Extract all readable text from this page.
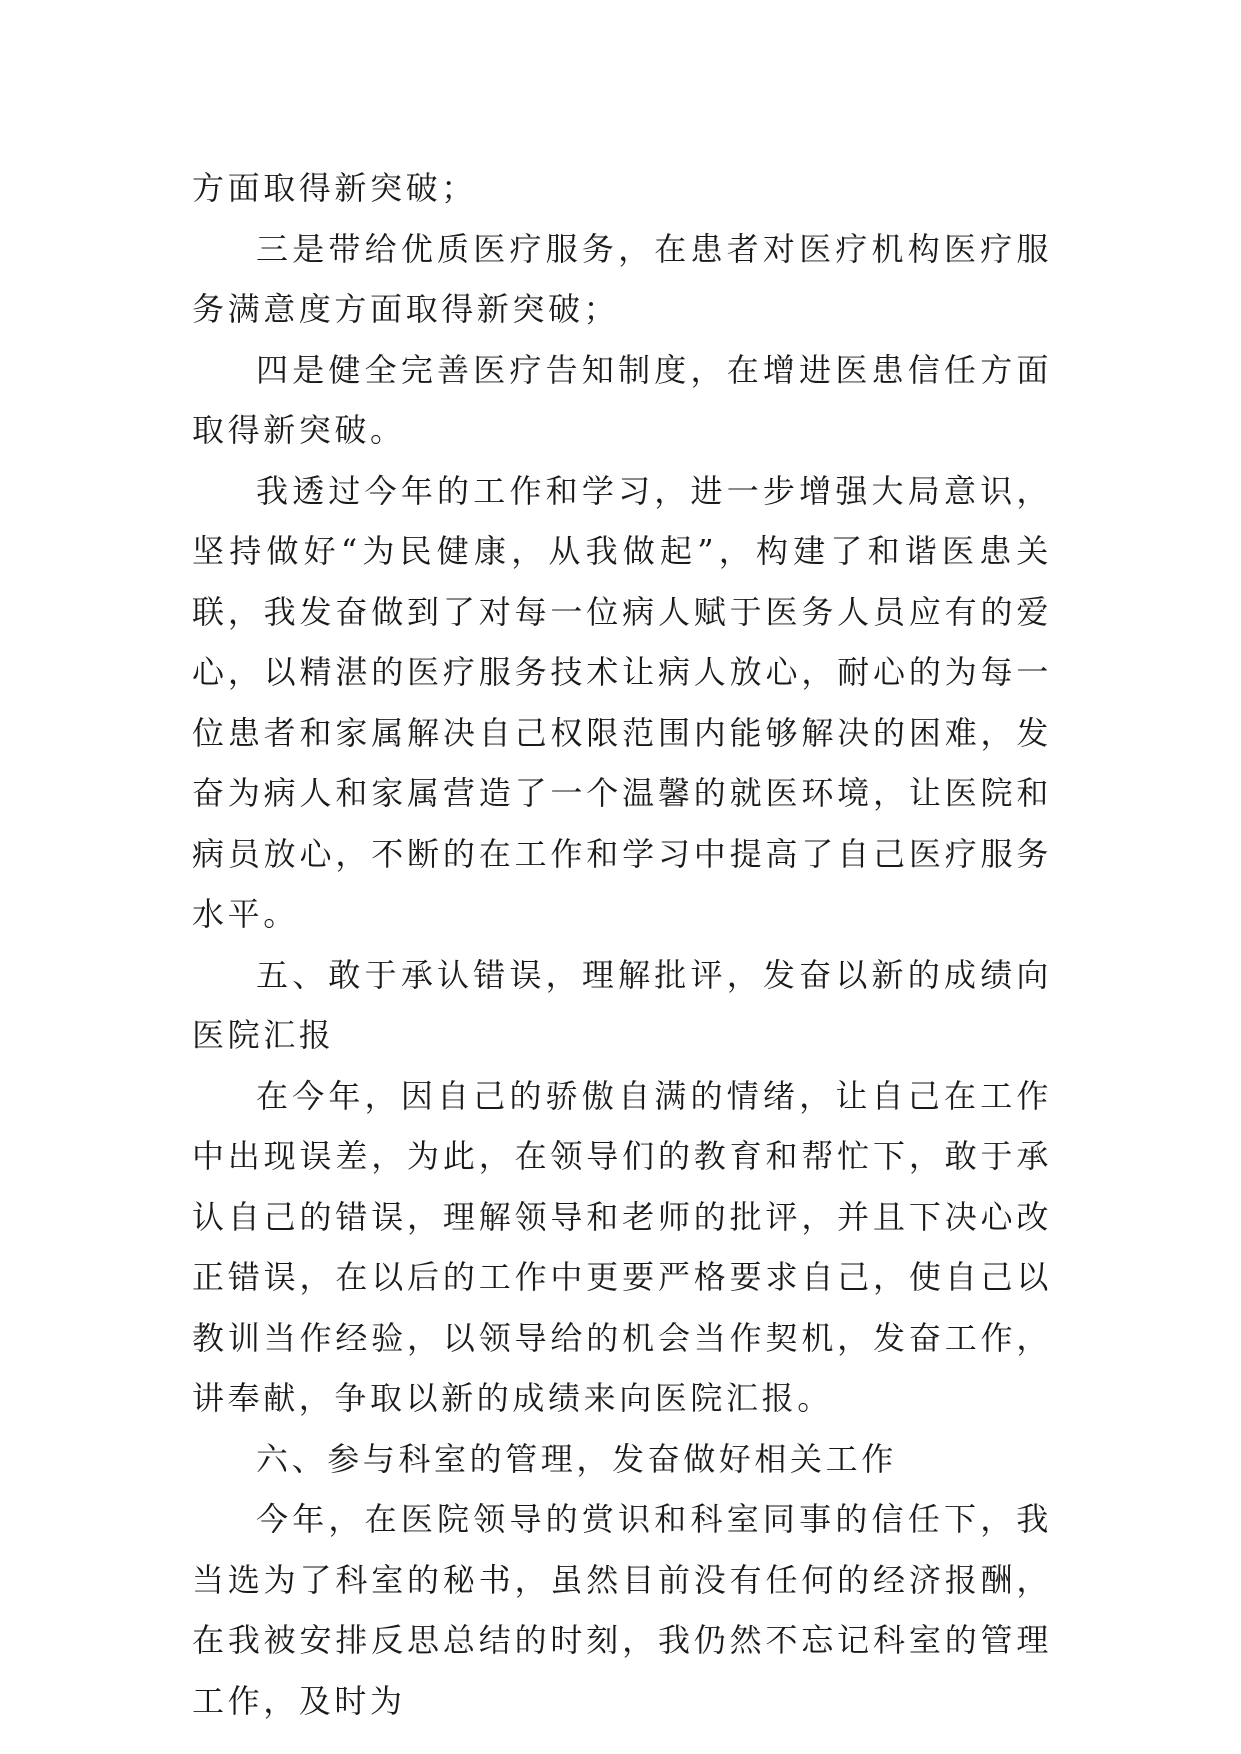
方面取得新突破；

三是带给优质医疗服务，在患者对医疗机构医疗服务满意度方面取得新突破；

四是健全完善医疗告知制度，在增进医患信任方面取得新突破。

我透过今年的工作和学习，进一步增强大局意识，坚持做好“为民健康，从我做起”，构建了和谐医患关联，我发奋做到了对每一位病人赋于医务人员应有的爱心，以精湛的医疗服务技术让病人放心，耐心的为每一位患者和家属解决自己权限范围内能够解决的困难，发奋为病人和家属营造了一个温馨的就医环境，让医院和病员放心，不断的在工作和学习中提高了自己医疗服务水平。

五、敢于承认错误，理解批评，发奋以新的成绩向医院汇报

在今年，因自己的骄傲自满的情绪，让自己在工作中出现误差，为此，在领导们的教育和帮忙下，敢于承认自己的错误，理解领导和老师的批评，并且下决心改正错误，在以后的工作中更要严格要求自己，使自己以教训当作经验，以领导给的机会当作契机，发奋工作，讲奉献，争取以新的成绩来向医院汇报。

六、参与科室的管理，发奋做好相关工作

今年，在医院领导的赏识和科室同事的信任下，我当选为了科室的秘书，虽然目前没有任何的经济报酬，在我被安排反思总结的时刻，我仍然不忘记科室的管理工作，及时为
